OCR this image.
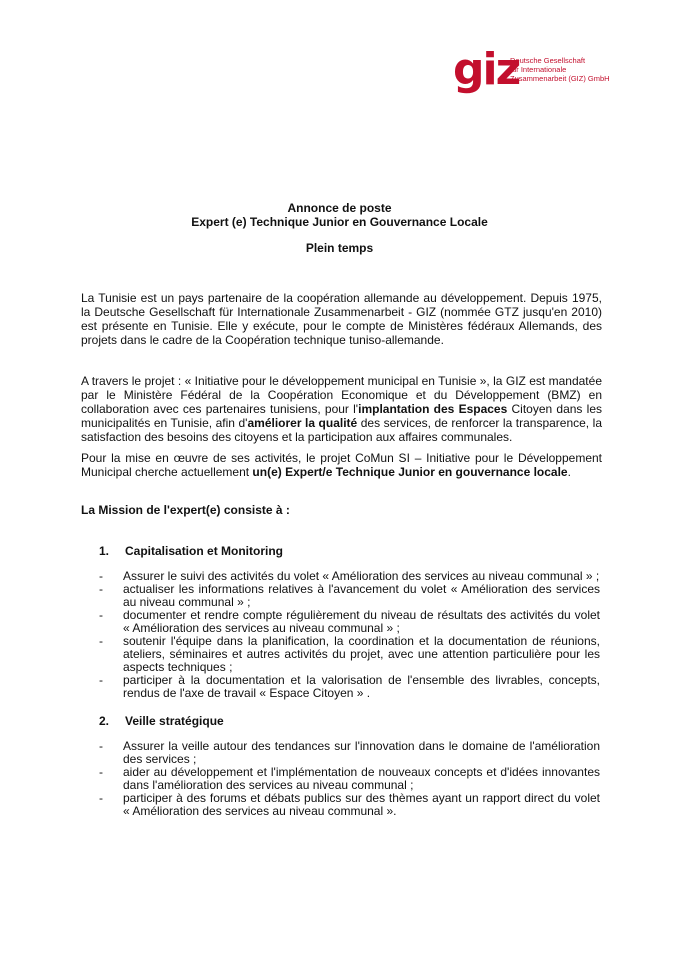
giz
Deutsche Gesellschaft
für Internationale
Zusammenarbeit (GIZ) GmbH
Annonce de poste
Expert (e) Technique Junior en Gouvernance Locale
Plein temps

La Tunisie est un pays partenaire de la coopération allemande au développement. Depuis 1975, la Deutsche Gesellschaft für Internationale Zusammenarbeit - GIZ (nommée GTZ jusqu'en 2010) est présente en Tunisie. Elle y exécute, pour le compte de Ministères fédéraux Allemands, des projets dans le cadre de la Coopération technique tuniso-allemande.

A travers le projet : « Initiative pour le développement municipal en Tunisie », la GIZ est mandatée par le Ministère Fédéral de la Coopération Economique et du Développement (BMZ) en collaboration avec ces partenaires tunisiens, pour l'implantation des Espaces Citoyen dans les municipalités en Tunisie, afin d'améliorer la qualité des services, de renforcer la transparence, la satisfaction des besoins des citoyens et la participation aux affaires communales.

Pour la mise en œuvre de ses activités, le projet CoMun SI – Initiative pour le Développement Municipal cherche actuellement un(e) Expert/e Technique Junior en gouvernance locale.

La Mission de l'expert(e) consiste à :
1. Capitalisation et Monitoring
- Assurer le suivi des activités du volet « Amélioration des services au niveau communal » ;
- actualiser les informations relatives à l'avancement du volet « Amélioration des services au niveau communal » ;
- documenter et rendre compte régulièrement du niveau de résultats des activités du volet « Amélioration des services au niveau communal » ;
- soutenir l'équipe dans la planification, la coordination et la documentation de réunions, ateliers, séminaires et autres activités du projet, avec une attention particulière pour les aspects techniques ;
- participer à la documentation et la valorisation de l'ensemble des livrables, concepts, rendus de l'axe de travail « Espace Citoyen » .
2. Veille stratégique
- Assurer la veille autour des tendances sur l'innovation dans le domaine de l'amélioration des services ;
- aider au développement et l'implémentation de nouveaux concepts et d'idées innovantes dans l'amélioration des services au niveau communal ;
- participer à des forums et débats publics sur des thèmes ayant un rapport direct du volet « Amélioration des services au niveau communal ».
